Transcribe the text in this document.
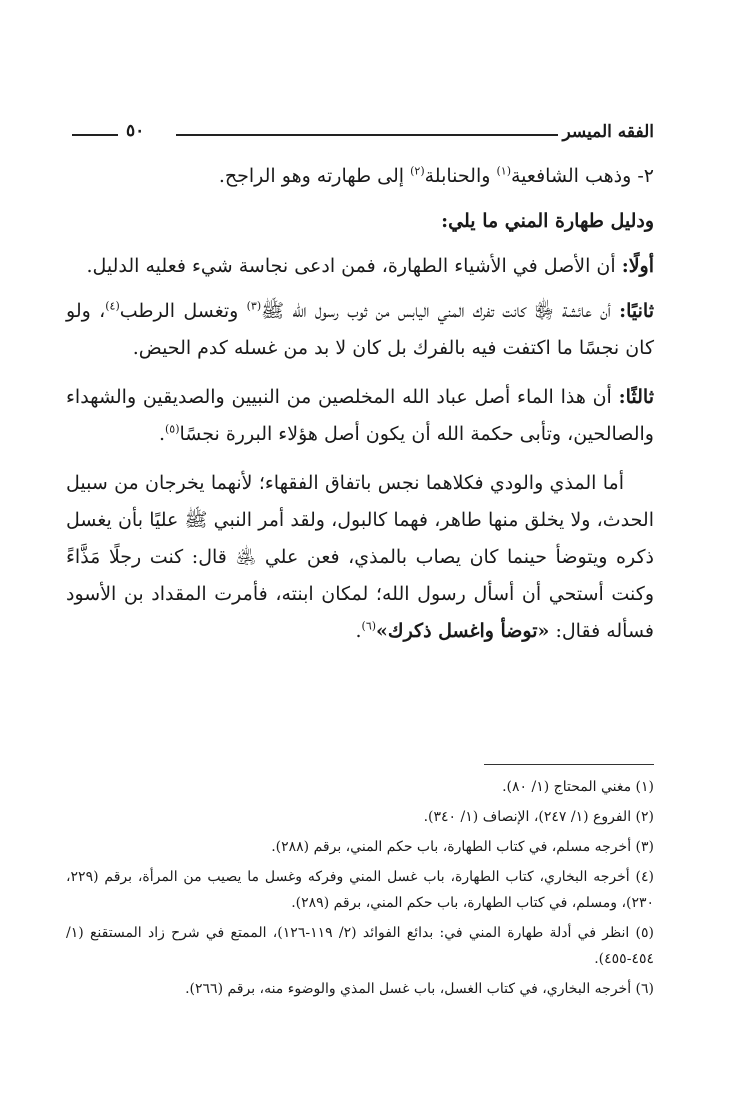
الفقه الميسر
٥٠

٢- وذهب الشافعية$^{(١)}$ والحنابلة$^{(٢)}$ إلى طهارته وهو الراجح.

ودليل طهارة المني ما يلي:

أولًا: أن الأصل في الأشياء الطهارة، فمن ادعى نجاسة شيء فعليه الدليل.

ثانيًا: أن عائشة ﵂ كانت تفرك المني اليابس من ثوب رسول الله ﷺ$^{(٣)}$ وتغسل الرطب$^{(٤)}$، ولو كان نجسًا ما اكتفت فيه بالفرك بل كان لا بد من غسله كدم الحيض.

ثالثًا: أن هذا الماء أصل عباد الله المخلصين من النبيين والصديقين والشهداء والصالحين، وتأبى حكمة الله أن يكون أصل هؤلاء البررة نجسًا$^{(٥)}$.

أما المذي والودي فكلاهما نجس باتفاق الفقهاء؛ لأنهما يخرجان من سبيل الحدث، ولا يخلق منها طاهر، فهما كالبول، ولقد أمر النبي ﷺ عليًا بأن يغسل ذكره ويتوضأ حينما كان يصاب بالمذي، فعن علي ﵁ قال: كنت رجلًا مَذَّاءً وكنت أستحي أن أسأل رسول الله؛ لمكان ابنته، فأمرت المقداد بن الأسود فسأله فقال: «توضأ واغسل ذكرك»$^{(٦)}$.

(١) مغني المحتاج (١/ ٨٠).

(٢) الفروع (١/ ٢٤٧)، الإنصاف (١/ ٣٤٠).

(٣) أخرجه مسلم، في كتاب الطهارة، باب حكم المني، برقم (٢٨٨).

(٤) أخرجه البخاري، كتاب الطهارة، باب غسل المني وفركه وغسل ما يصيب من المرأة، برقم (٢٢٩، ٢٣٠)، ومسلم، في كتاب الطهارة، باب حكم المني، برقم (٢٨٩).

(٥) انظر في أدلة طهارة المني في: بدائع الفوائد (٢/ ١١٩-١٢٦)، الممتع في شرح زاد المستقنع (١/ ٤٥٤-٤٥٥).

(٦) أخرجه البخاري، في كتاب الغسل، باب غسل المذي والوضوء منه، برقم (٢٦٦).
